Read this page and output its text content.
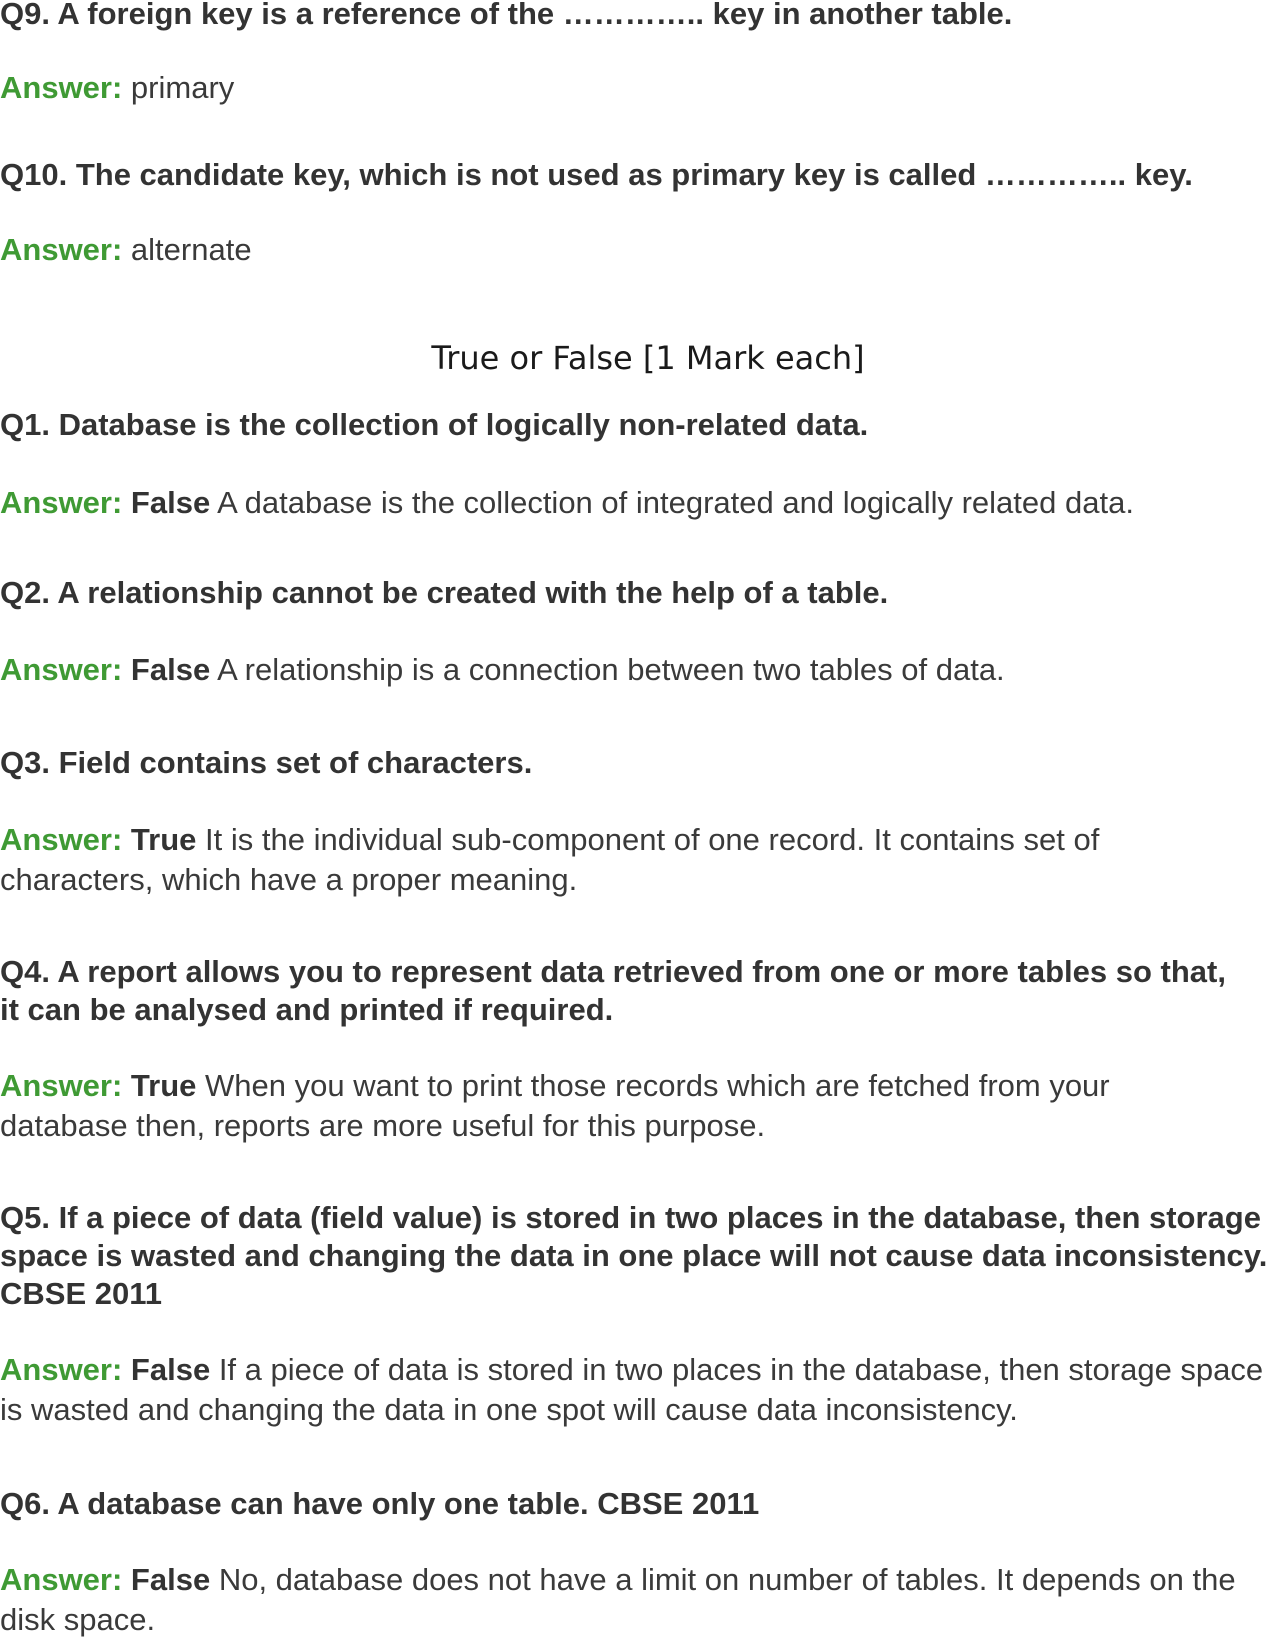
Q9. A foreign key is a reference of the ………….. key in another table.

Answer: primary

Q10. The candidate key, which is not used as primary key is called ………….. key.

Answer: alternate

True or False [1 Mark each]

Q1. Database is the collection of logically non-related data.

Answer: False A database is the collection of integrated and logically related data.

Q2. A relationship cannot be created with the help of a table.

Answer: False A relationship is a connection between two tables of data.

Q3. Field contains set of characters.

Answer: True It is the individual sub-component of one record. It contains set of characters, which have a proper meaning.

Q4. A report allows you to represent data retrieved from one or more tables so that, it can be analysed and printed if required.

Answer: True When you want to print those records which are fetched from your database then, reports are more useful for this purpose.

Q5. If a piece of data (field value) is stored in two places in the database, then storage space is wasted and changing the data in one place will not cause data inconsistency. CBSE 2011

Answer: False If a piece of data is stored in two places in the database, then storage space is wasted and changing the data in one spot will cause data inconsistency.

Q6. A database can have only one table. CBSE 2011

Answer: False No, database does not have a limit on number of tables. It depends on the disk space.
